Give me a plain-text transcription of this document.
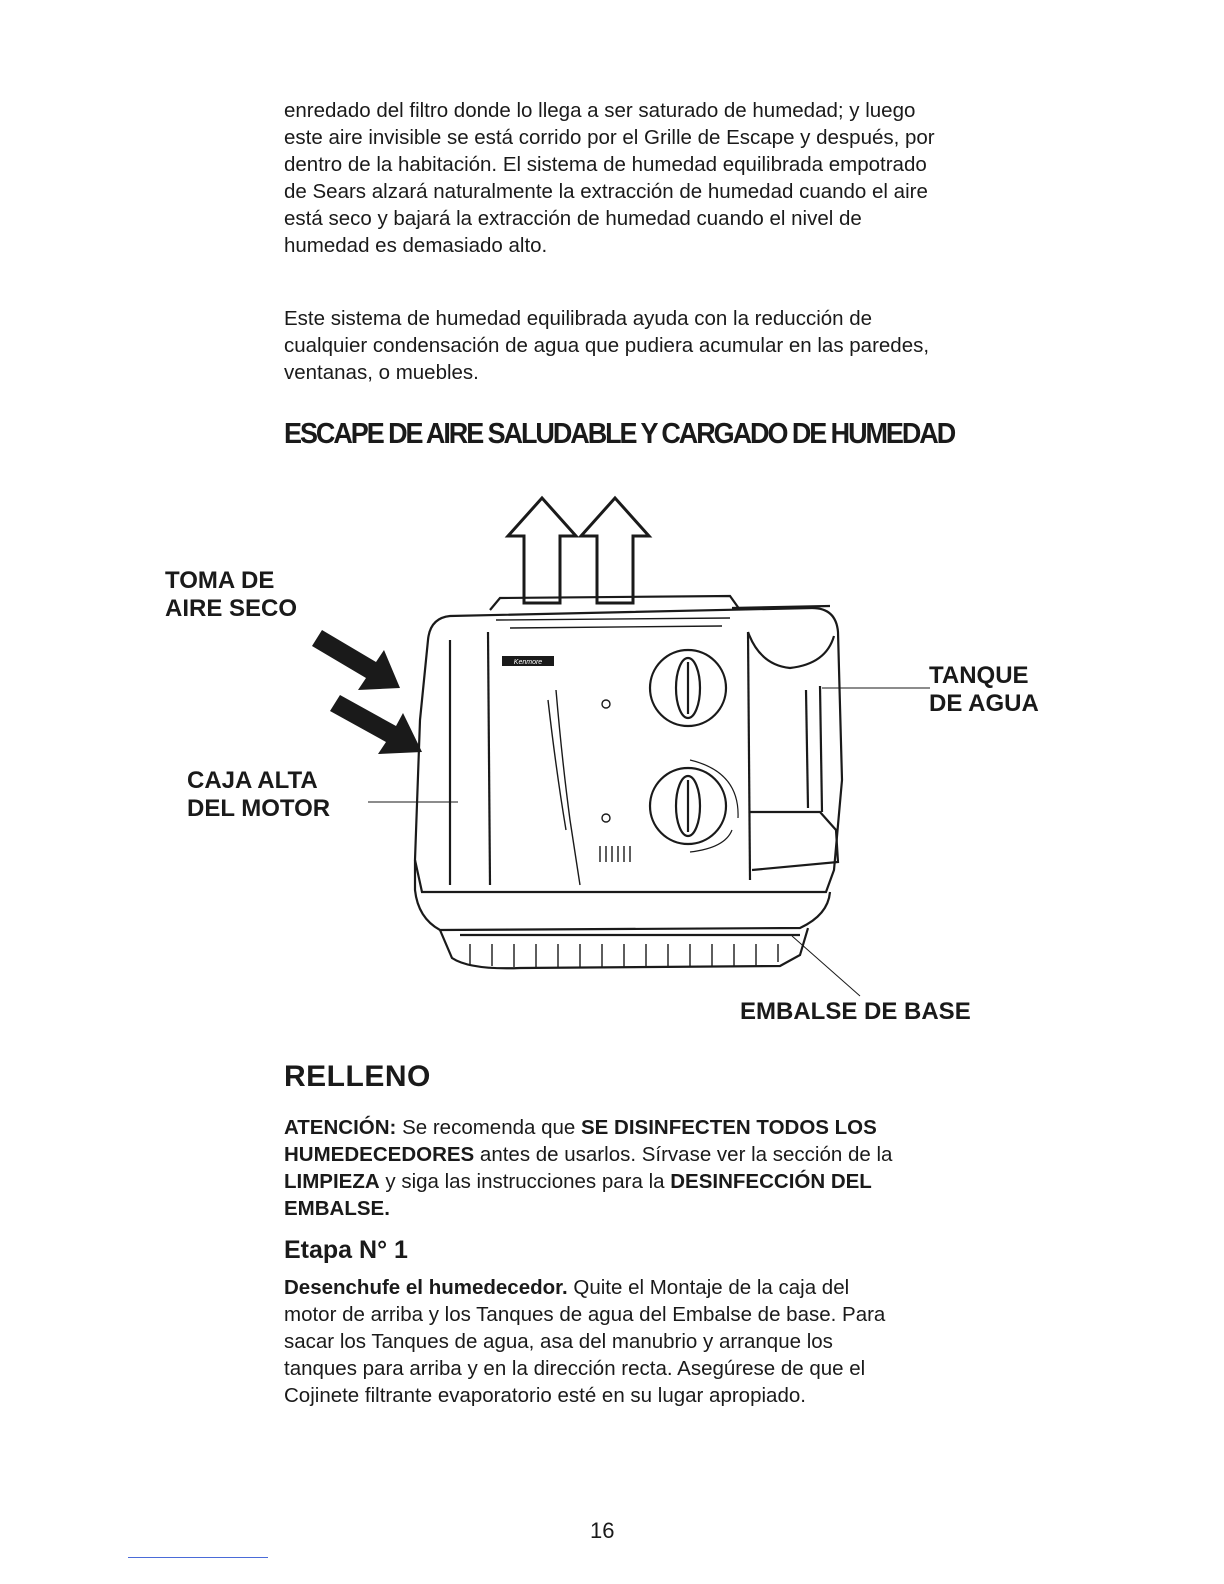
enredado del filtro donde lo llega a ser saturado de humedad; y luego este aire invisible se está corrido por el Grille de Escape y después, por dentro de la habitación. El sistema de humedad equilibrada empotrado de Sears alzará naturalmente la extracción de humedad cuando el aire está seco y bajará la extracción de humedad cuando el nivel de humedad es demasiado alto.

Este sistema de humedad equilibrada ayuda con la reducción de cualquier condensación de agua que pudiera acumular en las paredes, ventanas, o muebles.

ESCAPE DE AIRE SALUDABLE Y CARGADO DE HUMEDAD
Kenmore

TOMA DE
AIRE SECO

CAJA ALTA
DEL MOTOR

TANQUE
DE AGUA

EMBALSE DE BASE

RELLENO

ATENCIÓN: Se recomenda que SE DISINFECTEN TODOS LOS HUMEDECEDORES antes de usarlos. Sírvase ver la sección de la LIMPIEZA y siga las instrucciones para la DESINFECCIÓN DEL EMBALSE.

Etapa N° 1

Desenchufe el humedecedor. Quite el Montaje de la caja del motor de arriba y los Tanques de agua del Embalse de base. Para sacar los Tanques de agua, asa del manubrio y arranque los tanques para arriba y en la dirección recta. Asegúrese de que el Cojinete filtrante evaporatorio esté en su lugar apropiado.

16
